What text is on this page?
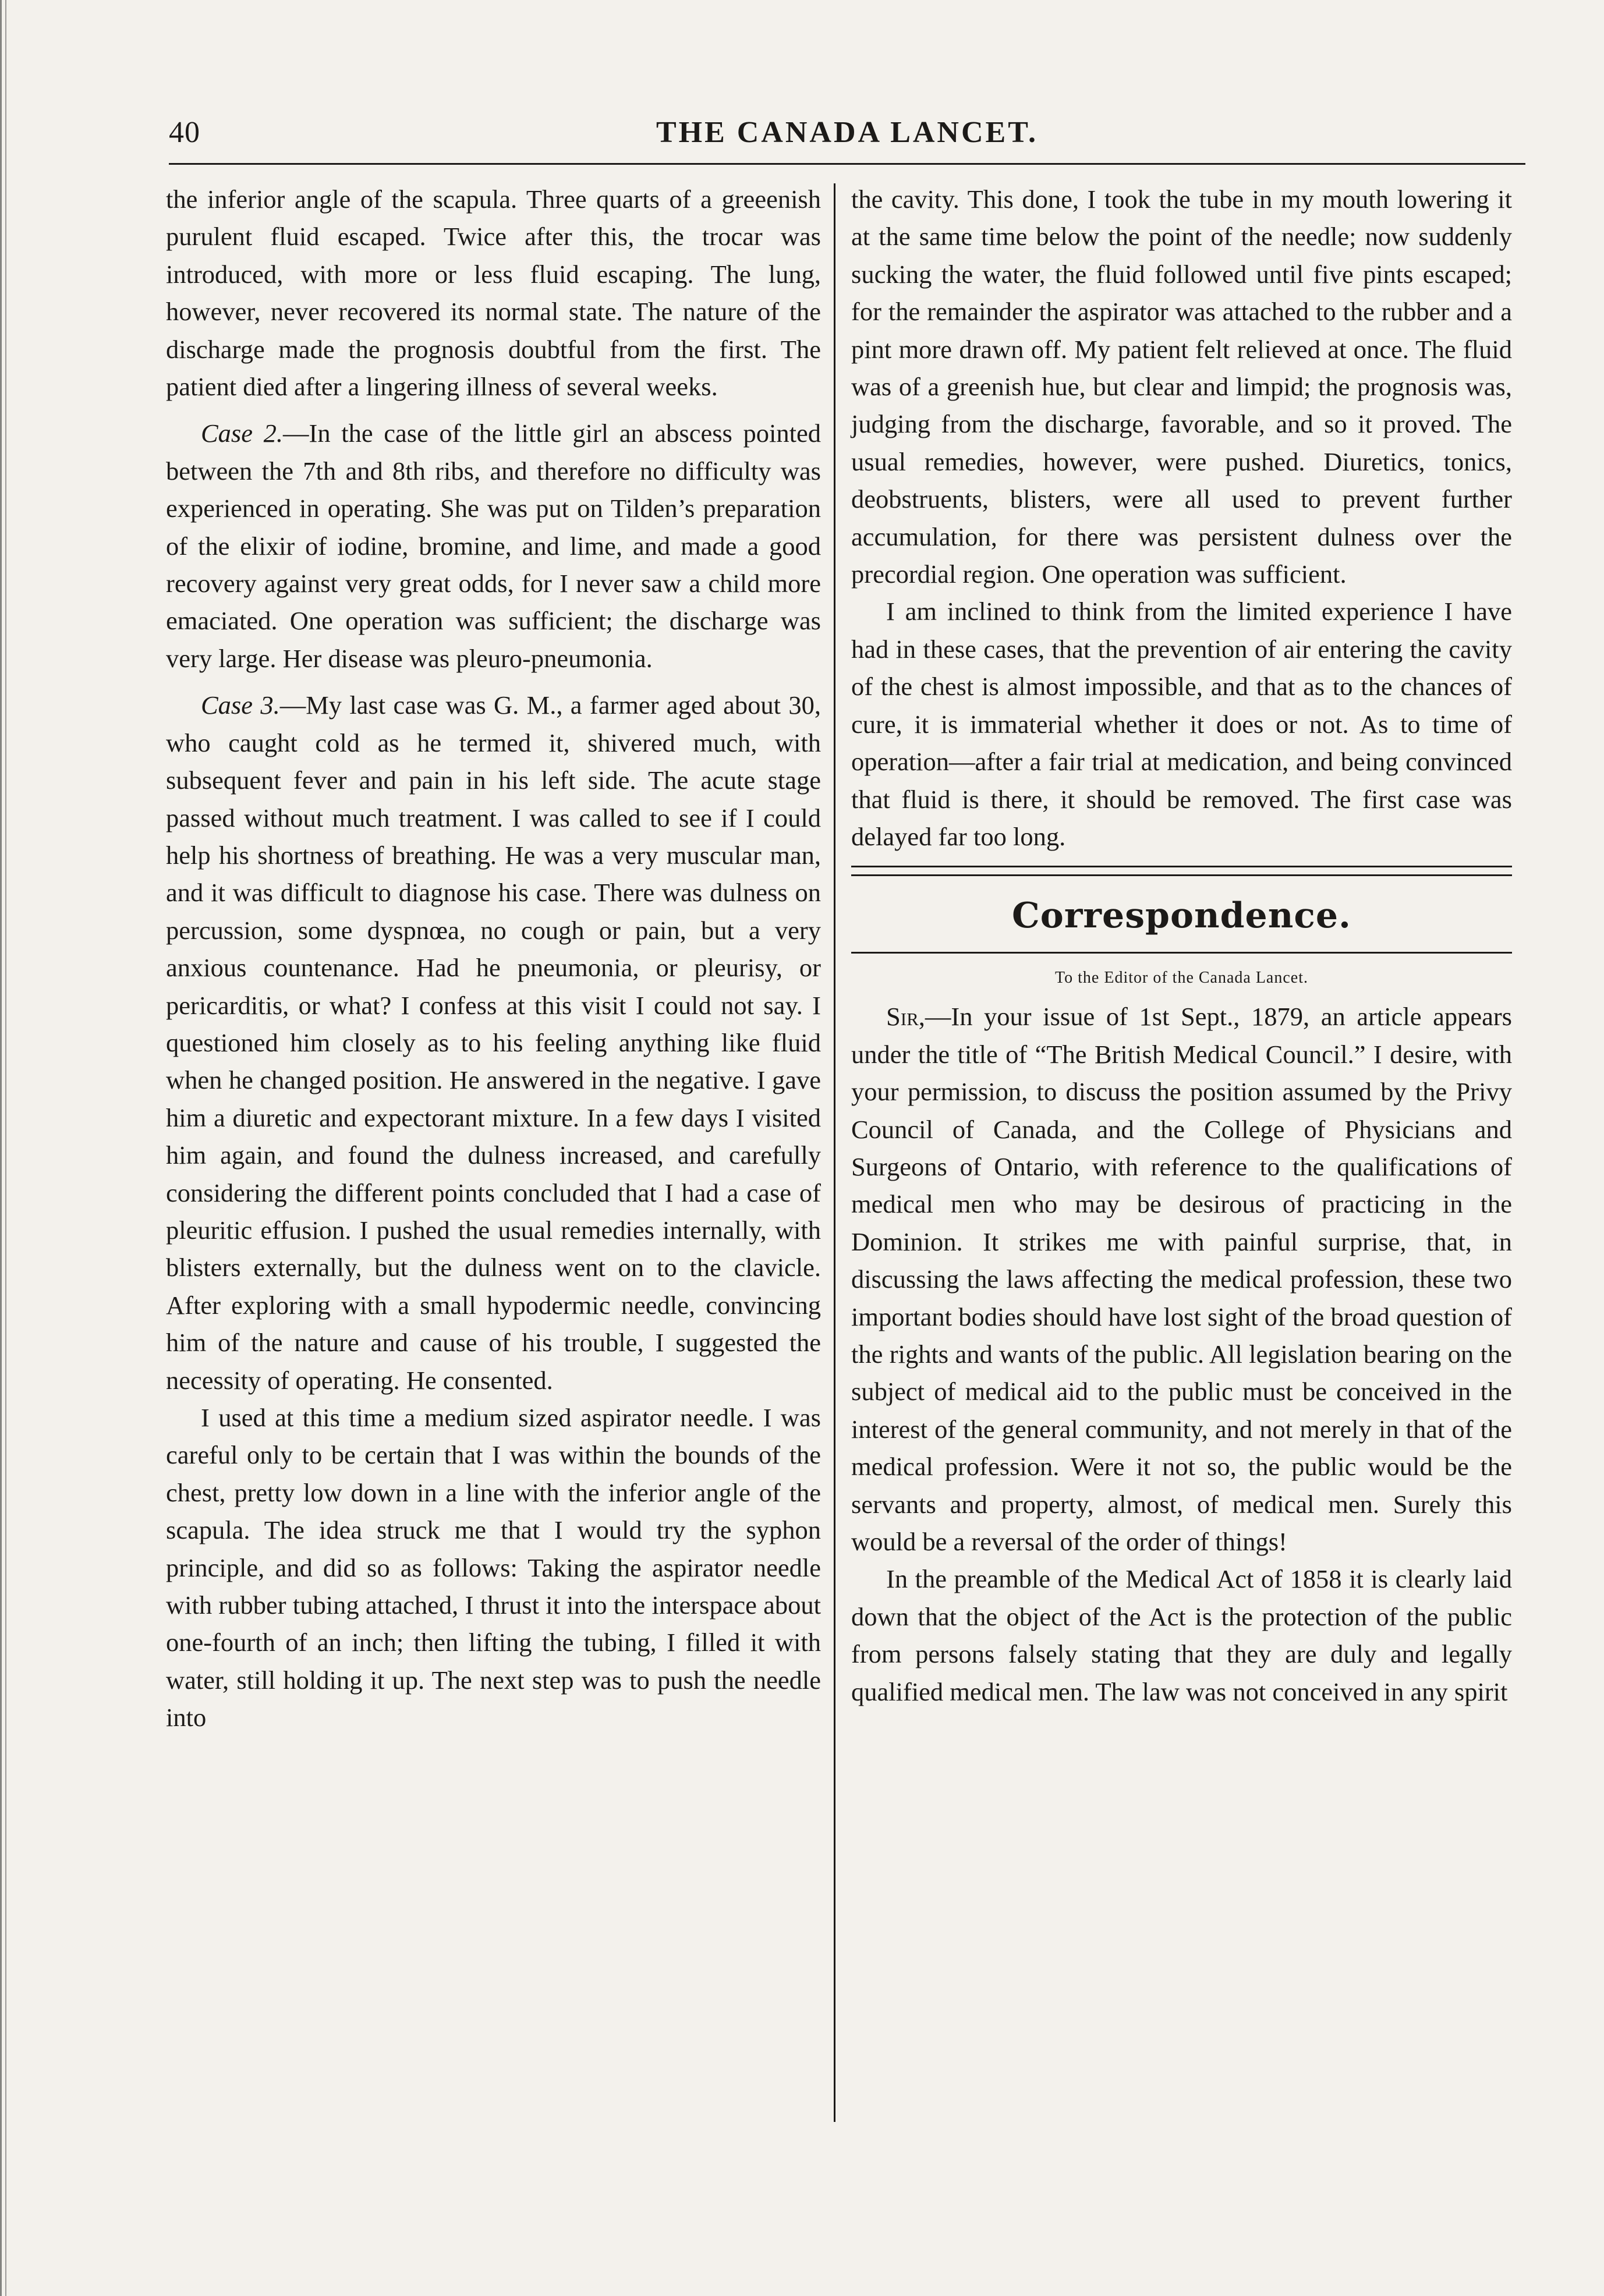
40	THE CANADA LANCET.

the inferior angle of the scapula. Three quarts of a greeenish purulent fluid escaped. Twice after this, the trocar was introduced, with more or less fluid escaping. The lung, however, never recovered its normal state. The nature of the discharge made the prognosis doubtful from the first. The patient died after a lingering illness of several weeks.

Case 2.—In the case of the little girl an abscess pointed between the 7th and 8th ribs, and therefore no difficulty was experienced in operating. She was put on Tilden’s preparation of the elixir of iodine, bromine, and lime, and made a good recovery against very great odds, for I never saw a child more emaciated. One operation was sufficient; the discharge was very large. Her disease was pleuro-pneumonia.

Case 3.—My last case was G. M., a farmer aged about 30, who caught cold as he termed it, shivered much, with subsequent fever and pain in his left side. The acute stage passed without much treatment. I was called to see if I could help his shortness of breathing. He was a very muscular man, and it was difficult to diagnose his case. There was dulness on percussion, some dyspnœa, no cough or pain, but a very anxious countenance. Had he pneumonia, or pleurisy, or pericarditis, or what? I confess at this visit I could not say. I questioned him closely as to his feeling anything like fluid when he changed position. He answered in the negative. I gave him a diuretic and expectorant mixture. In a few days I visited him again, and found the dulness increased, and carefully considering the different points concluded that I had a case of pleuritic effusion. I pushed the usual remedies internally, with blisters externally, but the dulness went on to the clavicle. After exploring with a small hypodermic needle, convincing him of the nature and cause of his trouble, I suggested the necessity of operating. He consented.

I used at this time a medium sized aspirator needle. I was careful only to be certain that I was within the bounds of the chest, pretty low down in a line with the inferior angle of the scapula. The idea struck me that I would try the syphon principle, and did so as follows: Taking the aspirator needle with rubber tubing attached, I thrust it into the interspace about one-fourth of an inch; then lifting the tubing, I filled it with water, still holding it up. The next step was to push the needle into

the cavity. This done, I took the tube in my mouth lowering it at the same time below the point of the needle; now suddenly sucking the water, the fluid followed until five pints escaped; for the remainder the aspirator was attached to the rubber and a pint more drawn off. My patient felt relieved at once. The fluid was of a greenish hue, but clear and limpid; the prognosis was, judging from the discharge, favorable, and so it proved. The usual remedies, however, were pushed. Diuretics, tonics, deobstruents, blisters, were all used to prevent further accumulation, for there was persistent dulness over the precordial region. One operation was sufficient.

I am inclined to think from the limited experience I have had in these cases, that the prevention of air entering the cavity of the chest is almost impossible, and that as to the chances of cure, it is immaterial whether it does or not. As to time of operation—after a fair trial at medication, and being convinced that fluid is there, it should be removed. The first case was delayed far too long.

Correspondence.
To the Editor of the Canada Lancet.

Sir,—In your issue of 1st Sept., 1879, an article appears under the title of “The British Medical Council.” I desire, with your permission, to discuss the position assumed by the Privy Council of Canada, and the College of Physicians and Surgeons of Ontario, with reference to the qualifications of medical men who may be desirous of practicing in the Dominion. It strikes me with painful surprise, that, in discussing the laws affecting the medical profession, these two important bodies should have lost sight of the broad question of the rights and wants of the public. All legislation bearing on the subject of medical aid to the public must be conceived in the interest of the general community, and not merely in that of the medical profession. Were it not so, the public would be the servants and property, almost, of medical men. Surely this would be a reversal of the order of things!

In the preamble of the Medical Act of 1858 it is clearly laid down that the object of the Act is the protection of the public from persons falsely stating that they are duly and legally qualified medical men. The law was not conceived in any spirit
